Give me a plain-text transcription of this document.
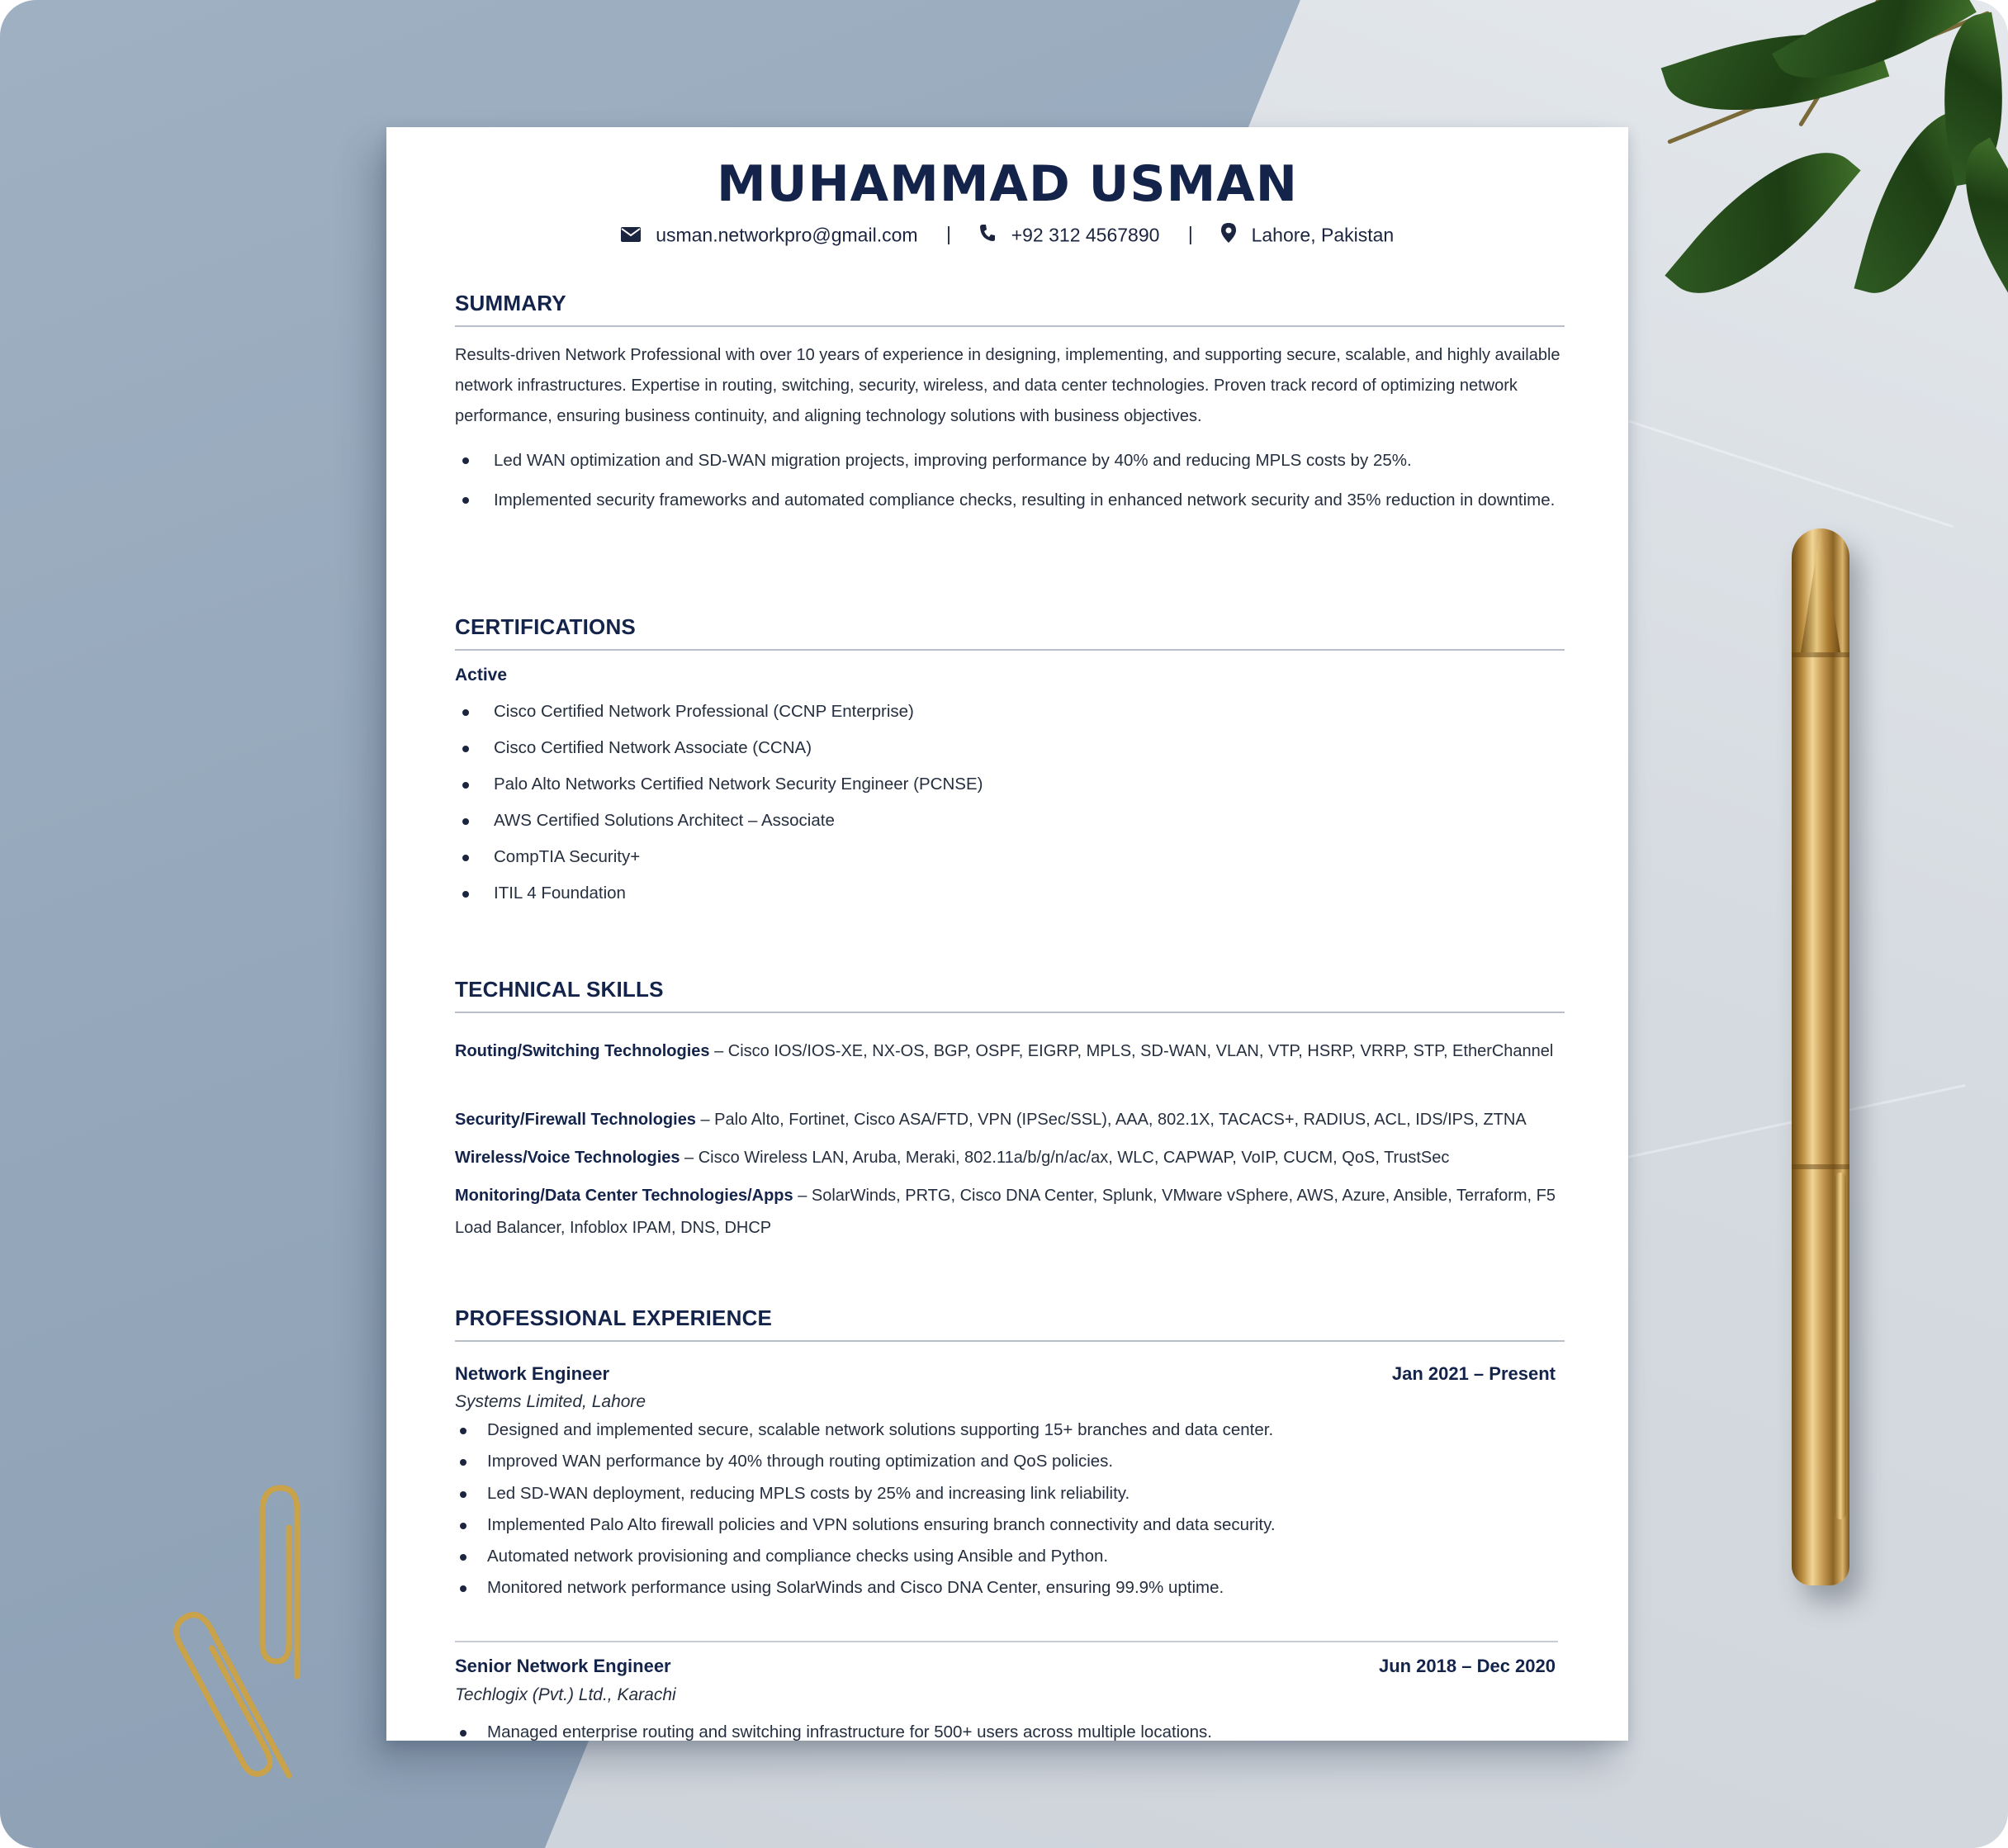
MUHAMMAD USMAN
usman.networkpro@gmail.com |	+92 312 4567890 |	Lahore, Pakistan
SUMMARY
Results-driven Network Professional with over 10 years of experience in designing, implementing, and supporting secure, scalable, and highly available network infrastructures. Expertise in routing, switching, security, wireless, and data center technologies. Proven track record of optimizing network performance, ensuring business continuity, and aligning technology solutions with business objectives.
Led WAN optimization and SD-WAN migration projects, improving performance by 40% and reducing MPLS costs by 25%.
Implemented security frameworks and automated compliance checks, resulting in enhanced network security and 35% reduction in downtime.
CERTIFICATIONS
Active
Cisco Certified Network Professional (CCNP Enterprise)
Cisco Certified Network Associate (CCNA)
Palo Alto Networks Certified Network Security Engineer (PCNSE)
AWS Certified Solutions Architect – Associate
CompTIA Security+
ITIL 4 Foundation
TECHNICAL SKILLS
Routing/Switching Technologies – Cisco IOS/IOS-XE, NX-OS, BGP, OSPF, EIGRP, MPLS, SD-WAN, VLAN, VTP, HSRP, VRRP, STP, EtherChannel
Security/Firewall Technologies – Palo Alto, Fortinet, Cisco ASA/FTD, VPN (IPSec/SSL), AAA, 802.1X, TACACS+, RADIUS, ACL, IDS/IPS, ZTNA
Wireless/Voice Technologies – Cisco Wireless LAN, Aruba, Meraki, 802.11a/b/g/n/ac/ax, WLC, CAPWAP, VoIP, CUCM, QoS, TrustSec
Monitoring/Data Center Technologies/Apps – SolarWinds, PRTG, Cisco DNA Center, Splunk, VMware vSphere, AWS, Azure, Ansible, Terraform, F5 Load Balancer, Infoblox IPAM, DNS, DHCP
PROFESSIONAL EXPERIENCE
Network Engineer	Jan 2021 – Present
Systems Limited, Lahore
Designed and implemented secure, scalable network solutions supporting 15+ branches and data center.
Improved WAN performance by 40% through routing optimization and QoS policies.
Led SD-WAN deployment, reducing MPLS costs by 25% and increasing link reliability.
Implemented Palo Alto firewall policies and VPN solutions ensuring branch connectivity and data security.
Automated network provisioning and compliance checks using Ansible and Python.
Monitored network performance using SolarWinds and Cisco DNA Center, ensuring 99.9% uptime.
Senior Network Engineer	Jun 2018 – Dec 2020
Techlogix (Pvt.) Ltd., Karachi
Managed enterprise routing and switching infrastructure for 500+ users across multiple locations.
